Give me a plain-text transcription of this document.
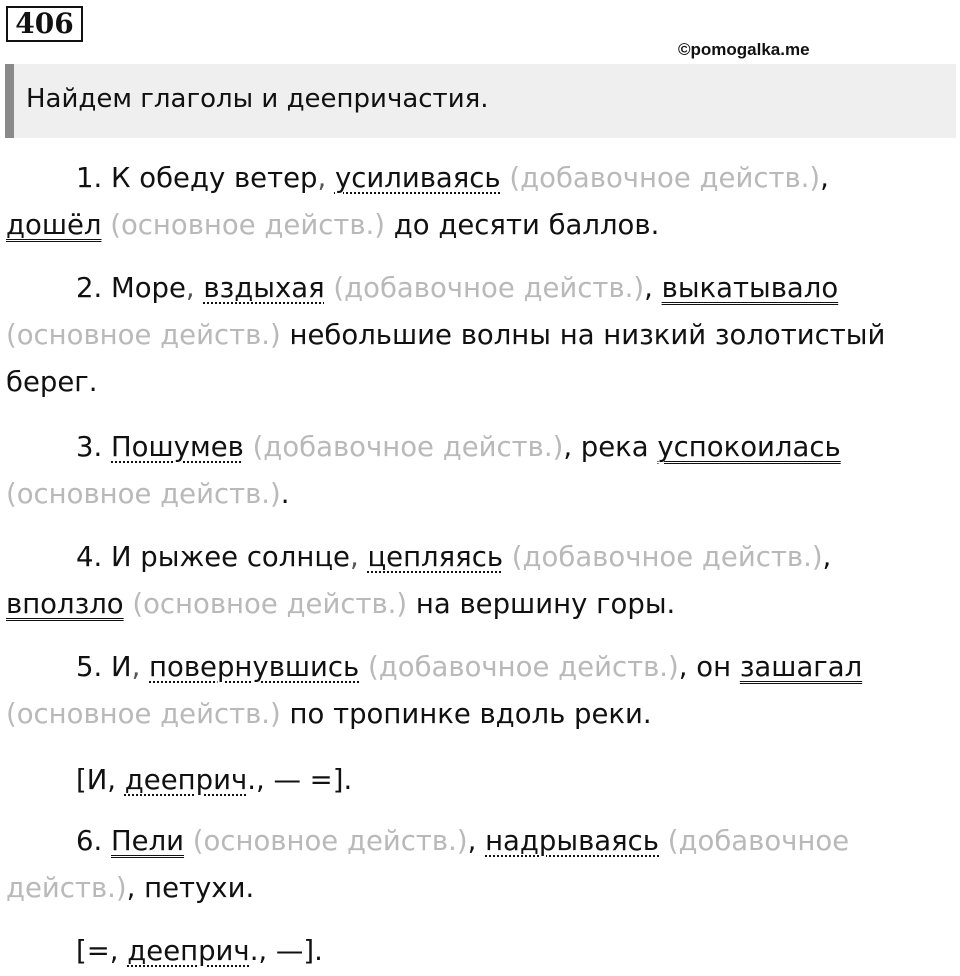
406
©pomogalka.me
Найдем глаголы и деепричастия.
1. К обеду ветер, усиливаясь (добавочное действ.),
дошёл (основное действ.) до десяти баллов.
2. Море, вздыхая (добавочное действ.), выкатывало
(основное действ.) небольшие волны на низкий золотистый
берег.
3. Пошумев (добавочное действ.), река успокоилась
(основное действ.).
4. И рыжее солнце, цепляясь (добавочное действ.),
вползло (основное действ.) на вершину горы.
5. И, повернувшись (добавочное действ.), он зашагал
(основное действ.) по тропинке вдоль реки.
[И, дееприч., — =].
6. Пели (основное действ.), надрываясь (добавочное
действ.), петухи.
[=, дееприч., —].
